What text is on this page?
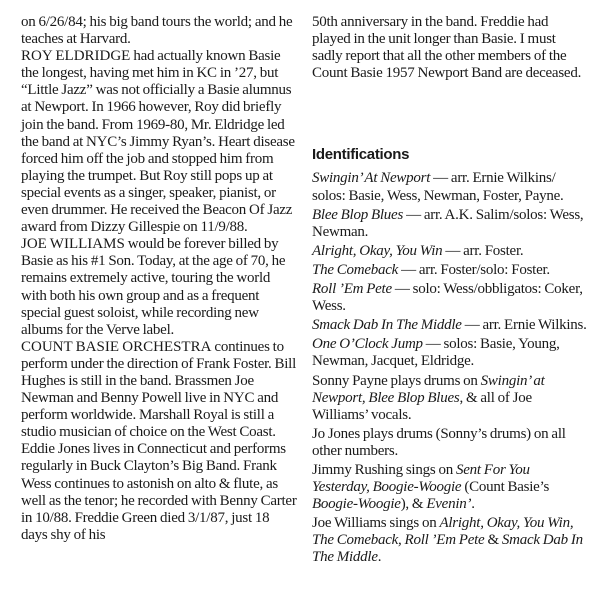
on 6/26/84; his big band tours the world; and he teaches at Harvard.

ROY ELDRIDGE had actually known Basie the longest, having met him in KC in ’27, but “Little Jazz” was not officially a Basie alumnus at Newport. In 1966 however, Roy did briefly join the band. From 1969-80, Mr. Eldridge led the band at NYC’s Jimmy Ryan’s. Heart disease forced him off the job and stopped him from playing the trumpet. But Roy still pops up at special events as a singer, speaker, pianist, or even drummer. He received the Beacon Of Jazz award from Dizzy Gillespie on 11/9/88.

JOE WILLIAMS would be forever billed by Basie as his #1 Son. Today, at the age of 70, he remains extremely active, touring the world with both his own group and as a frequent special guest soloist, while recording new albums for the Verve label.

COUNT BASIE ORCHESTRA continues to perform under the direction of Frank Foster. Bill Hughes is still in the band. Brassmen Joe Newman and Benny Powell live in NYC and perform worldwide. Marshall Royal is still a studio musician of choice on the West Coast. Eddie Jones lives in Connecticut and performs regularly in Buck Clayton’s Big Band. Frank Wess continues to astonish on alto & flute, as well as the tenor; he recorded with Benny Carter in 10/88. Freddie Green died 3/1/87, just 18 days shy of his

50th anniversary in the band. Freddie had played in the unit longer than Basie. I must sadly report that all the other members of the Count Basie 1957 Newport Band are deceased.

Identifications

Swingin’ At Newport — arr. Ernie Wilkins/ solos: Basie, Wess, Newman, Foster, Payne.

Blee Blop Blues — arr. A.K. Salim/solos: Wess, Newman.

Alright, Okay, You Win — arr. Foster.

The Comeback — arr. Foster/solo: Foster.

Roll ’Em Pete — solo: Wess/obbligatos: Coker, Wess.

Smack Dab In The Middle — arr. Ernie Wilkins.

One O’Clock Jump — solos: Basie, Young, Newman, Jacquet, Eldridge.

Sonny Payne plays drums on Swingin’ at Newport, Blee Blop Blues, & all of Joe Williams’ vocals.

Jo Jones plays drums (Sonny’s drums) on all other numbers.

Jimmy Rushing sings on Sent For You Yesterday, Boogie-Woogie (Count Basie’s Boogie-Woogie), & Evenin’.

Joe Williams sings on Alright, Okay, You Win, The Comeback, Roll ’Em Pete & Smack Dab In The Middle.
